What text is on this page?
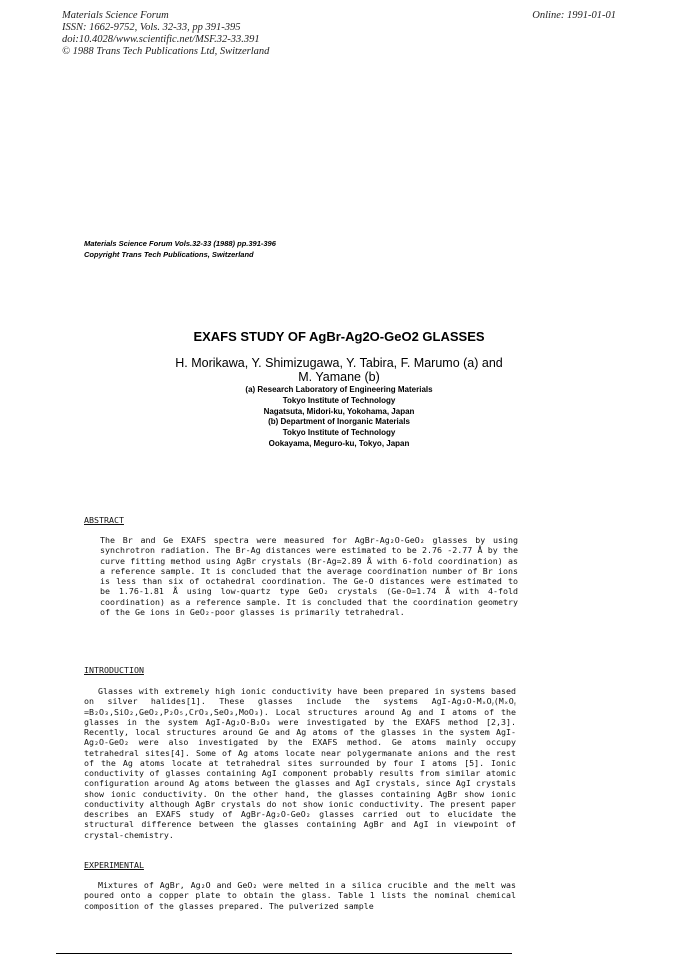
Materials Science Forum
ISSN: 1662-9752, Vols. 32-33, pp 391-395
doi:10.4028/www.scientific.net/MSF.32-33.391
© 1988 Trans Tech Publications Ltd, Switzerland
Online: 1991-01-01
Materials Science Forum Vols.32-33 (1988) pp.391-396
Copyright Trans Tech Publications, Switzerland
EXAFS STUDY OF AgBr-Ag2O-GeO2 GLASSES
H. Morikawa, Y. Shimizugawa, Y. Tabira, F. Marumo (a) and
M. Yamane (b)
(a) Research Laboratory of Engineering Materials
Tokyo Institute of Technology
Nagatsuta, Midori-ku, Yokohama, Japan
(b) Department of Inorganic Materials
Tokyo Institute of Technology
Ookayama, Meguro-ku, Tokyo, Japan
ABSTRACT

The Br and Ge EXAFS spectra were measured for AgBr-Ag₂O-GeO₂ glasses by using synchrotron radiation. The Br-Ag distances were estimated to be 2.76 -2.77 Å by the curve fitting method using AgBr crystals (Br-Ag=2.89 Å with 6-fold coordination) as a reference sample. It is concluded that the average coordination number of Br ions is less than six of octahedral coordination. The Ge-O distances were estimated to be 1.76-1.81 Å using low-quartz type GeO₂ crystals (Ge-O=1.74 Å with 4-fold coordination) as a reference sample. It is concluded that the coordination geometry of the Ge ions in GeO₂-poor glasses is primarily tetrahedral.

INTRODUCTION

Glasses with extremely high ionic conductivity have been prepared in systems based on silver halides[1]. These glasses include the systems AgI-Ag₂O-MₓOᵧ(MₓOᵧ =B₂O₃,SiO₂,GeO₂,P₂O₅,CrO₃,SeO₃,MoO₃). Local structures around Ag and I atoms of the glasses in the system AgI-Ag₂O-B₂O₃ were investigated by the EXAFS method [2,3]. Recently, local structures around Ge and Ag atoms of the glasses in the system AgI-Ag₂O-GeO₂ were also investigated by the EXAFS method. Ge atoms mainly occupy tetrahedral sites[4]. Some of Ag atoms locate near polygermanate anions and the rest of the Ag atoms locate at tetrahedral sites surrounded by four I atoms [5]. Ionic conductivity of glasses containing AgI component probably results from similar atomic configuration around Ag atoms between the glasses and AgI crystals, since AgI crystals show ionic conductivity. On the other hand, the glasses containing AgBr show ionic conductivity although AgBr crystals do not show ionic conductivity. The present paper describes an EXAFS study of AgBr-Ag₂O-GeO₂ glasses carried out to elucidate the structural difference between the glasses containing AgBr and AgI in viewpoint of crystal-chemistry.

EXPERIMENTAL

Mixtures of AgBr, Ag₂O and GeO₂ were melted in a silica crucible and the melt was poured onto a copper plate to obtain the glass. Table 1 lists the nominal chemical composition of the glasses prepared. The pulverized sample
